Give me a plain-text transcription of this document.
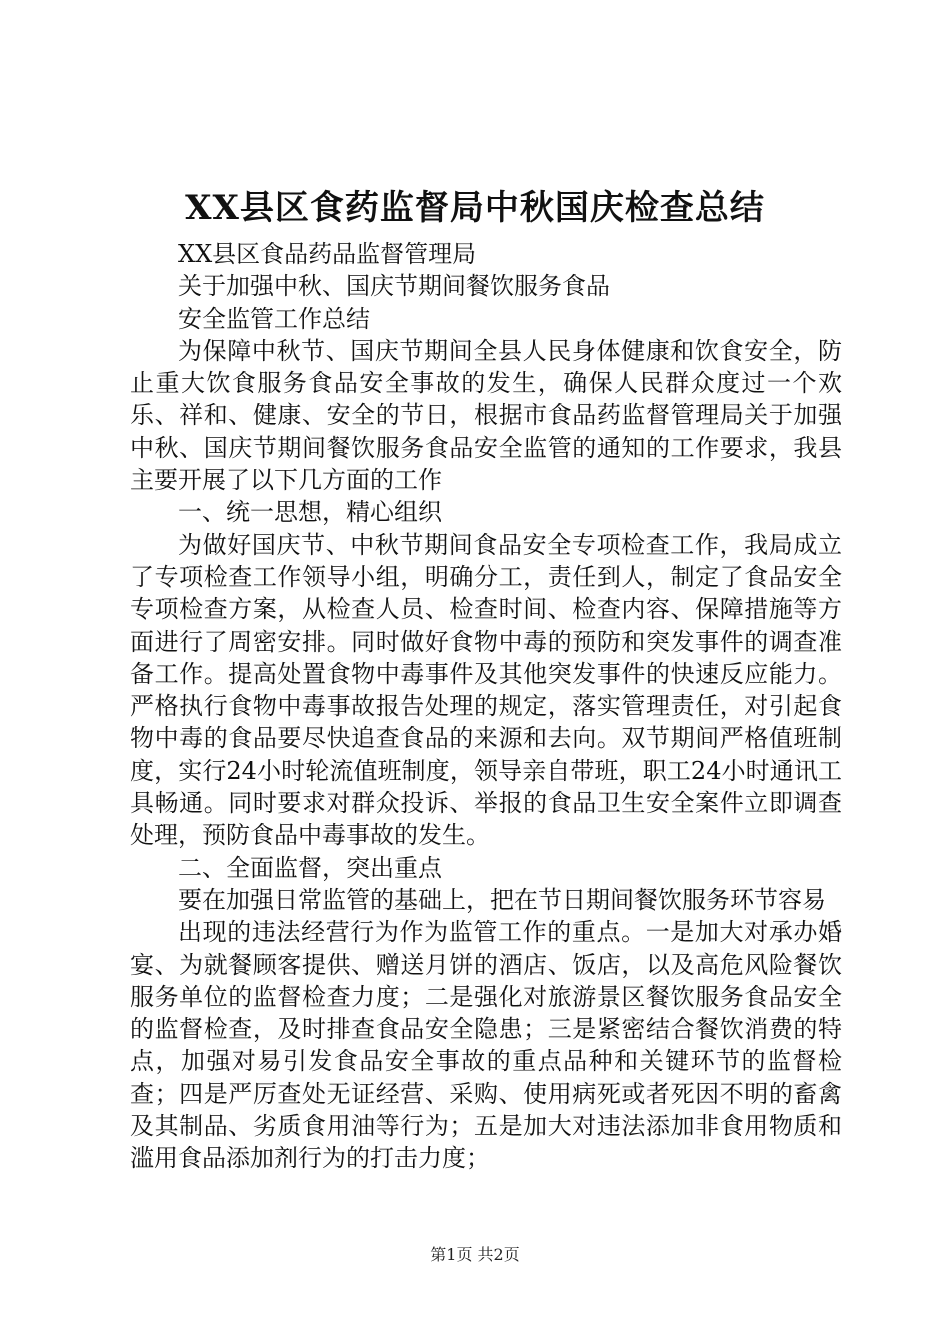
XX县区食药监督局中秋国庆检查总结

XX县区食品药品监督管理局

关于加强中秋、国庆节期间餐饮服务食品

安全监管工作总结

为保障中秋节、国庆节期间全县人民身体健康和饮食安全，防止重大饮食服务食品安全事故的发生，确保人民群众度过一个欢乐、祥和、健康、安全的节日，根据市食品药监督管理局关于加强中秋、国庆节期间餐饮服务食品安全监管的通知的工作要求，我县主要开展了以下几方面的工作

一、统一思想，精心组织

为做好国庆节、中秋节期间食品安全专项检查工作，我局成立了专项检查工作领导小组，明确分工，责任到人，制定了食品安全专项检查方案，从检查人员、检查时间、检查内容、保障措施等方面进行了周密安排。同时做好食物中毒的预防和突发事件的调查准备工作。提高处置食物中毒事件及其他突发事件的快速反应能力。严格执行食物中毒事故报告处理的规定，落实管理责任，对引起食物中毒的食品要尽快追查食品的来源和去向。双节期间严格值班制度，实行24小时轮流值班制度，领导亲自带班，职工24小时通讯工具畅通。同时要求对群众投诉、举报的食品卫生安全案件立即调查处理，预防食品中毒事故的发生。

二、全面监督，突出重点

要在加强日常监管的基础上，把在节日期间餐饮服务环节容易

出现的违法经营行为作为监管工作的重点。一是加大对承办婚宴、为就餐顾客提供、赠送月饼的酒店、饭店，以及高危风险餐饮服务单位的监督检查力度；二是强化对旅游景区餐饮服务食品安全的监督检查，及时排查食品安全隐患；三是紧密结合餐饮消费的特点，加强对易引发食品安全事故的重点品种和关键环节的监督检查；四是严厉查处无证经营、采购、使用病死或者死因不明的畜禽及其制品、劣质食用油等行为；五是加大对违法添加非食用物质和滥用食品添加剂行为的打击力度；

第1页 共2页
